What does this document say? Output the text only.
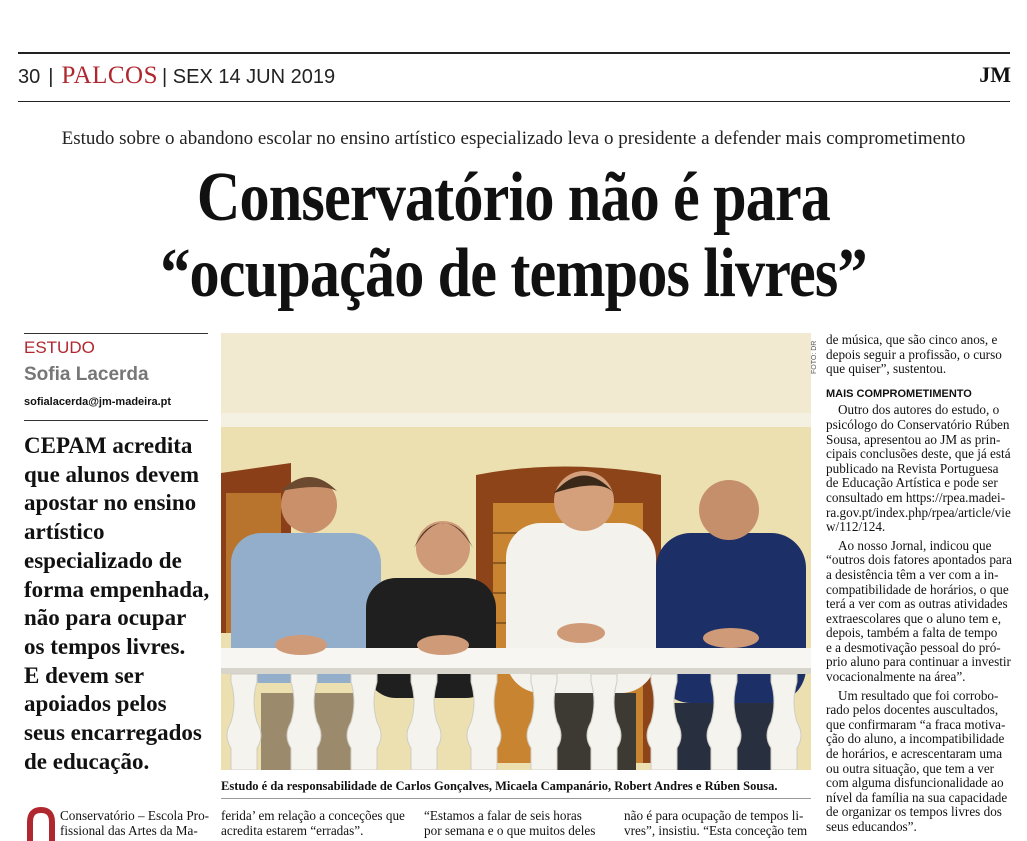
30 | PALCOS | SEX 14 JUN 2019	JM
Estudo sobre o abandono escolar no ensino artístico especializado leva o presidente a defender mais comprometimento
Conservatório não é para
“ocupação de tempos livres”
ESTUDO
Sofia Lacerda
sofialacerda@jm-madeira.pt
CEPAM acredita
que alunos devem
apostar no ensino
artístico
especializado de
forma empenhada,
não para ocupar
os tempos livres.
E devem ser
apoiados pelos
seus encarregados
de educação.
FOTO: DR
Estudo é da responsabilidade de Carlos Gonçalves, Micaela Campanário, Robert Andres e Rúben Sousa.
de música, que são cinco anos, e
depois seguir a profissão, o curso
que quiser”, sustentou.
MAIS COMPROMETIMENTO
Outro dos autores do estudo, o
psicólogo do Conservatório Rúben
Sousa, apresentou ao JM as prin-
cipais conclusões deste, que já está
publicado na Revista Portuguesa
de Educação Artística e pode ser
consultado em https://rpea.madei-
ra.gov.pt/index.php/rpea/article/vie
w/112/124.
Ao nosso Jornal, indicou que
“outros dois fatores apontados para
a desistência têm a ver com a in-
compatibilidade de horários, o que
terá a ver com as outras atividades
extraescolares que o aluno tem e,
depois, também a falta de tempo
e a desmotivação pessoal do pró-
prio aluno para continuar a investir
vocacionalmente na área”.
Um resultado que foi corrobo-
rado pelos docentes auscultados,
que confirmaram “a fraca motiva-
ção do aluno, a incompatibilidade
de horários, e acrescentaram uma
ou outra situação, que tem a ver
com alguma disfuncionalidade ao
nível da família na sua capacidade
de organizar os tempos livres dos
seus educandos”.
Conservatório – Escola Pro-
fissional das Artes da Ma-
ferida’ em relação a conceções que
acredita estarem “erradas”.
“Estamos a falar de seis horas
por semana e o que muitos deles
não é para ocupação de tempos li-
vres”, insistiu. “Esta conceção tem
